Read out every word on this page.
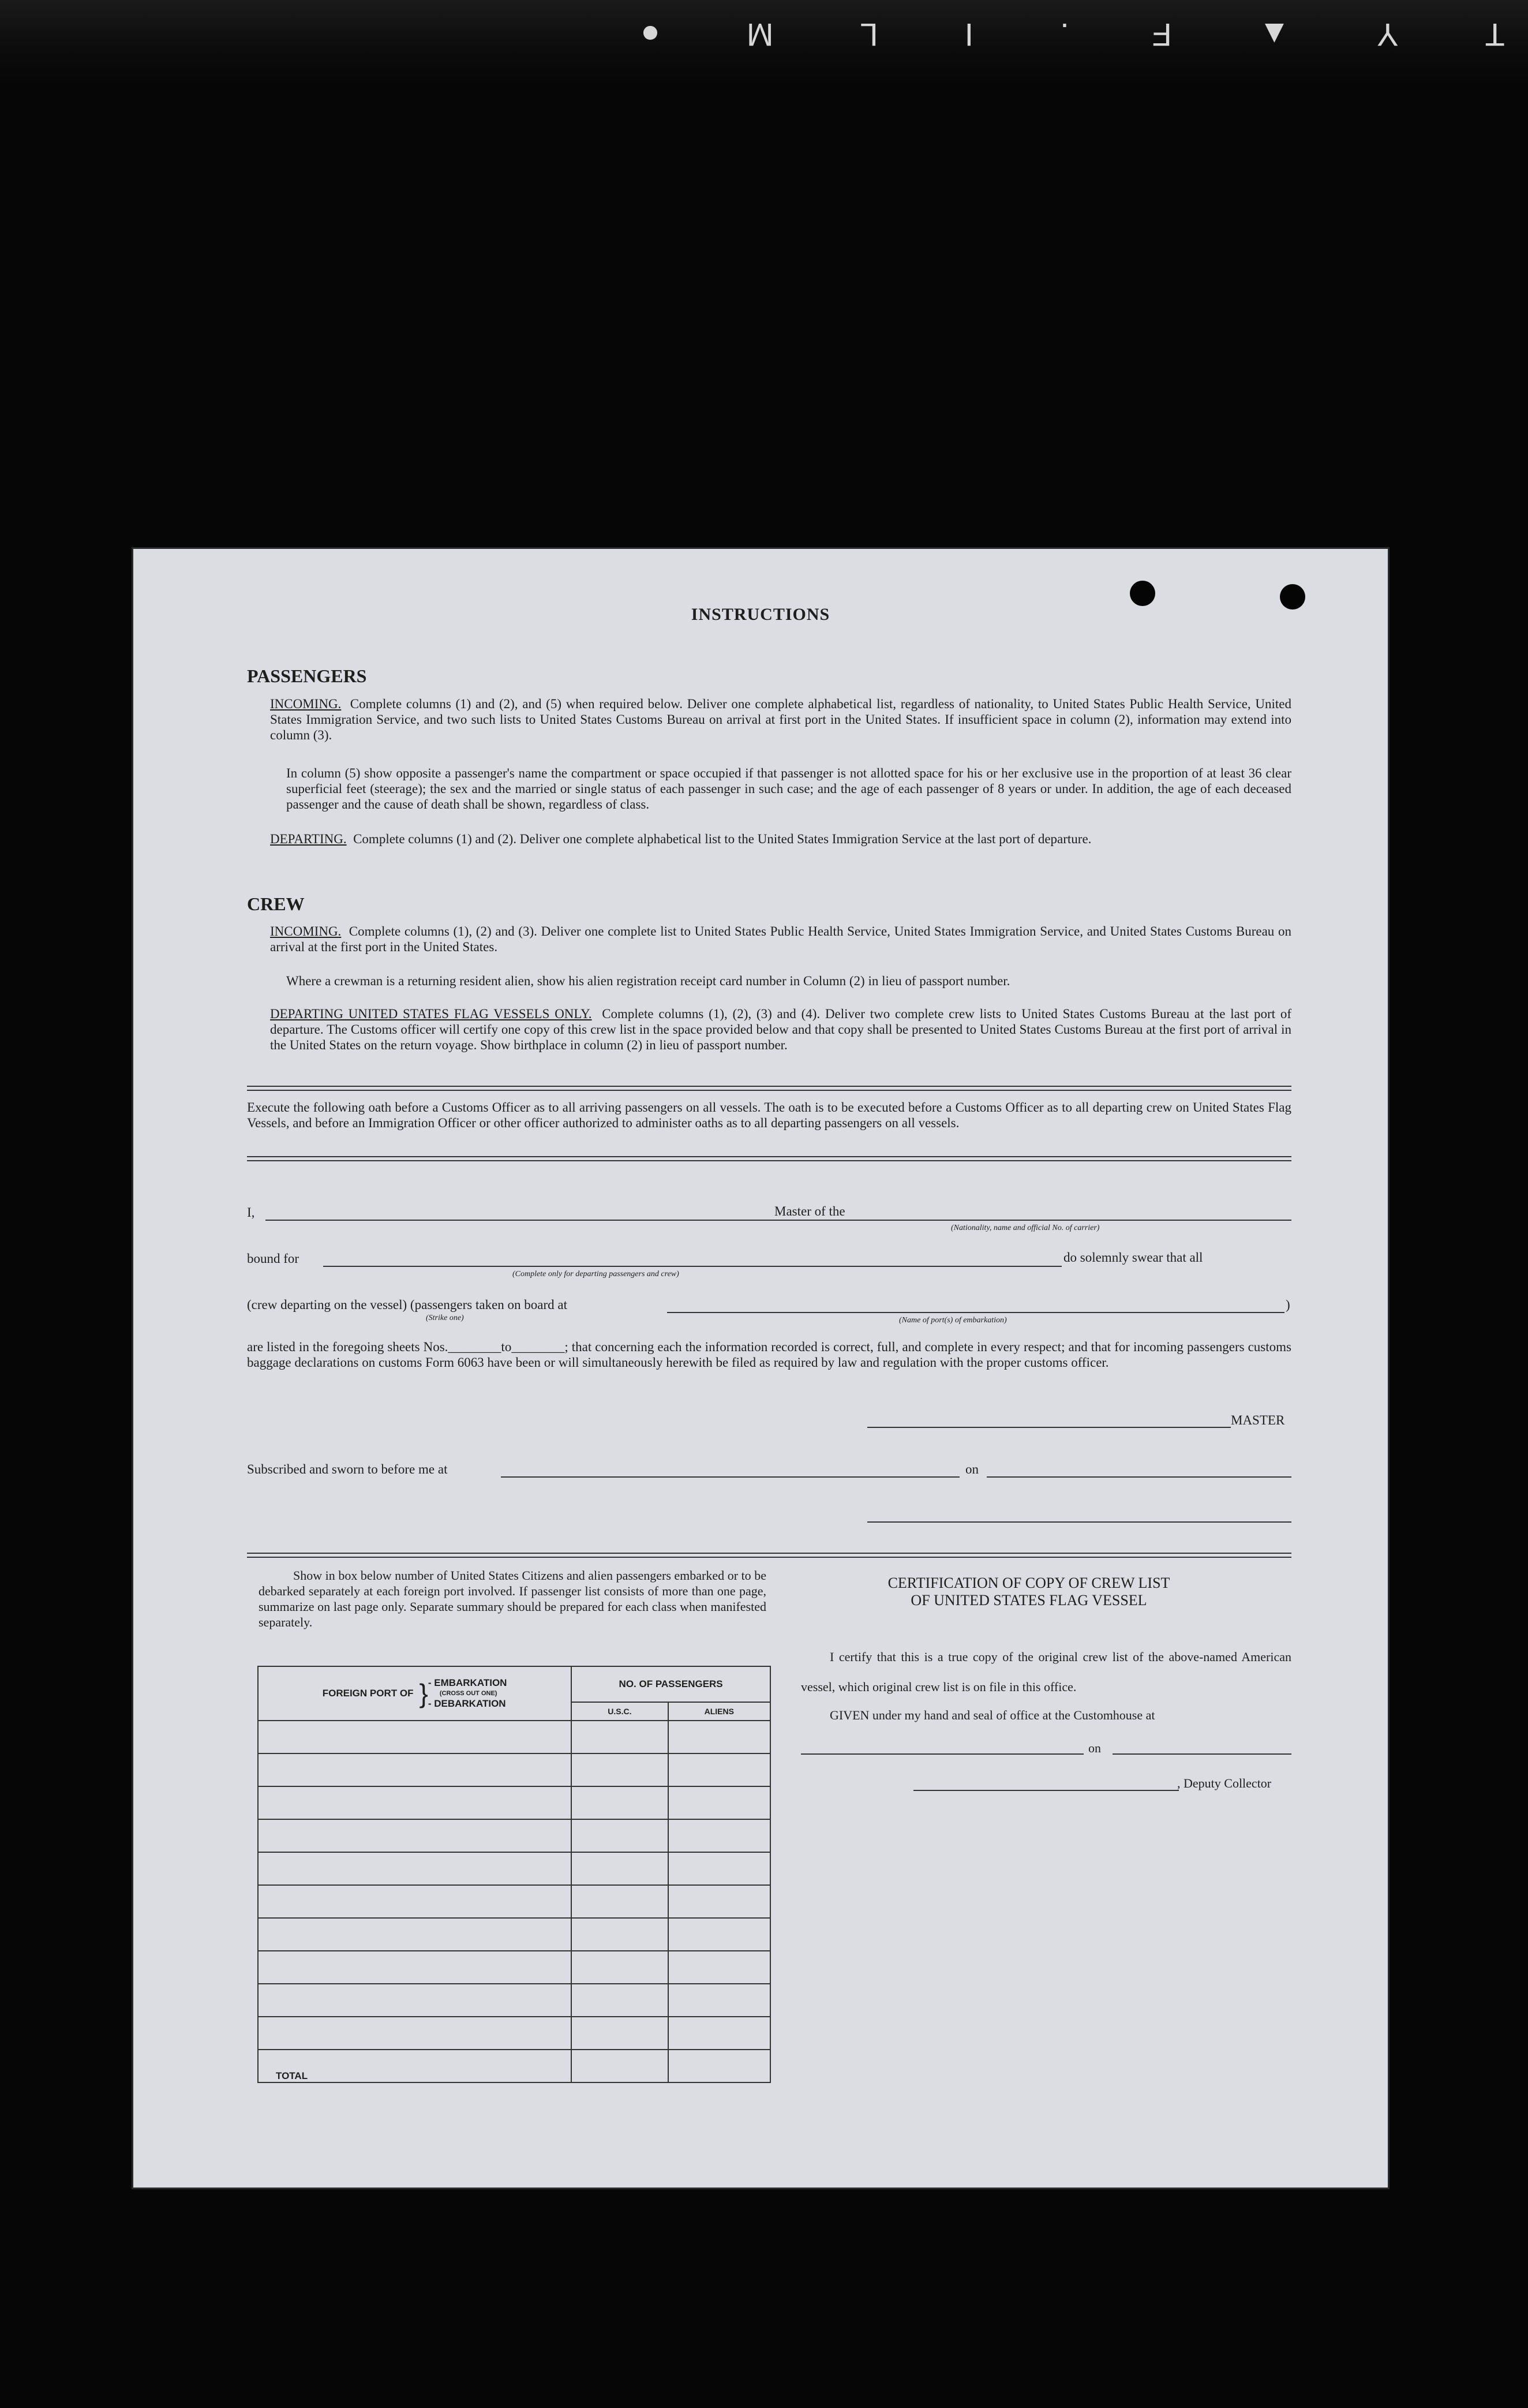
TY▲F.ILM●
INSTRUCTIONS
PASSENGERS
INCOMING. Complete columns (1) and (2), and (5) when required below. Deliver one complete alphabetical list, regardless of nationality, to United States Public Health Service, United States Immigration Service, and two such lists to United States Customs Bureau on arrival at first port in the United States. If insufficient space in column (2), information may extend into column (3).
In column (5) show opposite a passenger's name the compartment or space occupied if that passenger is not allotted space for his or her exclusive use in the proportion of at least 36 clear superficial feet (steerage); the sex and the married or single status of each passenger in such case; and the age of each passenger of 8 years or under. In addition, the age of each deceased passenger and the cause of death shall be shown, regardless of class.
DEPARTING. Complete columns (1) and (2). Deliver one complete alphabetical list to the United States Immigration Service at the last port of departure.
CREW
INCOMING. Complete columns (1), (2) and (3). Deliver one complete list to United States Public Health Service, United States Immigration Service, and United States Customs Bureau on arrival at the first port in the United States.
Where a crewman is a returning resident alien, show his alien registration receipt card number in Column (2) in lieu of passport number.
DEPARTING UNITED STATES FLAG VESSELS ONLY. Complete columns (1), (2), (3) and (4). Deliver two complete crew lists to United States Customs Bureau at the last port of departure. The Customs officer will certify one copy of this crew list in the space provided below and that copy shall be presented to United States Customs Bureau at the first port of arrival in the United States on the return voyage. Show birthplace in column (2) in lieu of passport number.
Execute the following oath before a Customs Officer as to all arriving passengers on all vessels. The oath is to be executed before a Customs Officer as to all departing crew on United States Flag Vessels, and before an Immigration Officer or other officer authorized to administer oaths as to all departing passengers on all vessels.
I,	Master of the
(Nationality, name and official No. of carrier)
bound for
(Complete only for departing passengers and crew)
do solemnly swear that all
(crew departing on the vessel) (passengers taken on board at
(Strike one)
)
(Name of port(s) of embarkation)
are listed in the foregoing sheets Nos.________to________; that concerning each the information recorded is correct, full, and complete in every respect; and that for incoming passengers customs baggage declarations on customs Form 6063 have been or will simultaneously herewith be filed as required by law and regulation with the proper customs officer.
MASTER
Subscribed and sworn to before me at	on
Show in box below number of United States Citizens and alien passengers embarked or to be debarked separately at each foreign port involved. If passenger list consists of more than one page, summarize on last page only. Separate summary should be prepared for each class when manifested separately.
FOREIGN PORT OF	}	- EMBARKATION
(CROSS OUT ONE)
- DEBARKATION
	NO. OF PASSENGERS
U.S.C.	ALIENS

TOTAL		
CERTIFICATION OF COPY OF CREW LIST
OF UNITED STATES FLAG VESSEL
I certify that this is a true copy of the original crew list of the above-named American vessel, which original crew list is on file in this office.
GIVEN under my hand and seal of office at the Customhouse at
on
, Deputy Collector
